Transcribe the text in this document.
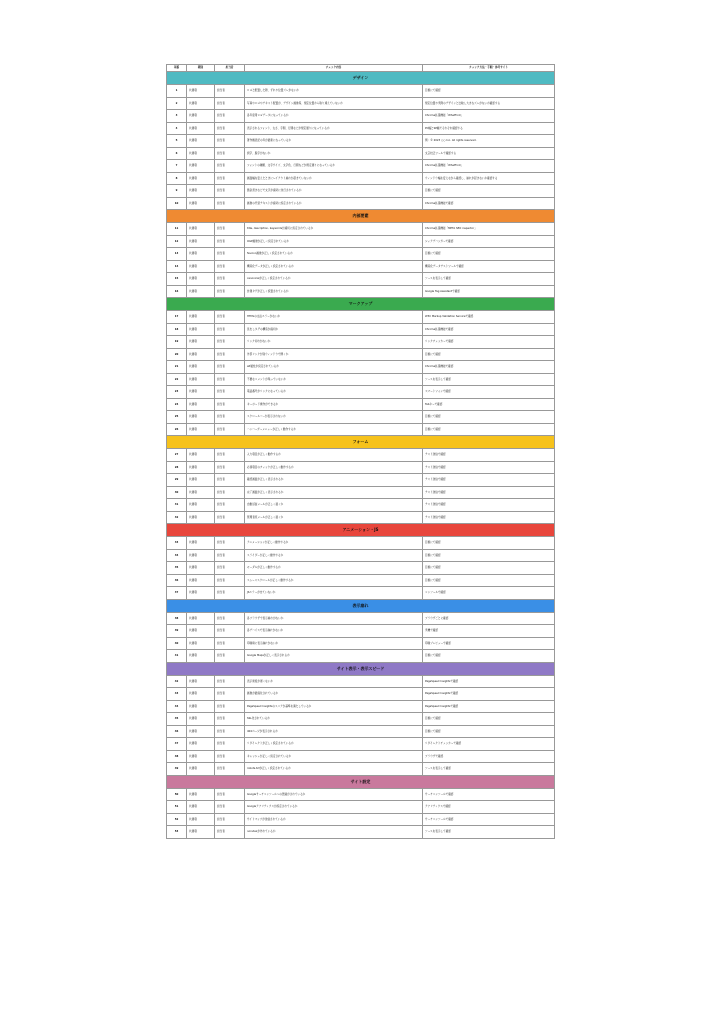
項番	種別	担当者	チェック内容	チェック方法・手順・参考サイト
デザイン				
1	共通項	担当者	ロゴと配置した際、ずれや位置ズレがないか	目視にて確認
2	共通項	担当者	写真やロゴやテキスト配置が、デザイン画像等、規定位置から取り違えていないか	規定位置や実際のデザインと比較し大きなズレがないか確認する
3	共通項	担当者	各年度用ロゴデータになっているか	Chrome拡張機能「WhatFont」
4	共通項	担当者	表示されるフォント、太さ、字間、行間などが規定通りになっているか	PC幅とSP幅でそれぞれ確認する
5	共通項	担当者	著作権表記の年が最新になっているか	例：© 2023 ○○ Inc. All rights reserved.
6	共通項	担当者	誤字、脱字がないか	文章校正ツールで確認する
7	共通項	担当者	フォントの種類、文字サイズ、文字色、行間などが規定通りになっているか	Chrome拡張機能「WhatFont」
8	共通項	担当者	画面幅を変えたときにレイアウト崩れが起きていないか	ウィンドウ幅を変えながら確認し、崩れが起きないか確認する
9	共通項	担当者	箇条書きなどで文字が適切に改行されているか	目視にて確認
10	共通項	担当者	画像の代替テキストが適切に設定されているか	Chrome拡張機能で確認
内部要素				
11	共通項	担当者	title, description, keywordsが適切に設定されているか	Chrome拡張機能「META SEO inspector」
12	共通項	担当者	OGP画像が正しく設定されているか	シェアデバッガーで確認
13	共通項	担当者	favicon画像が正しく設定されているか	目視にて確認
14	共通項	担当者	構造化データが正しく設定されているか	構造化データテストツールで確認
15	共通項	担当者	canonicalが正しく設定されているか	ソースを表示して確認
16	共通項	担当者	計測タグが正しく設置されているか	Google Tag Assistantで確認
マークアップ				
17	共通項	担当者	HTMLの文法エラーがないか	W3C Markup Validation Serviceで確認
18	共通項	担当者	見出しタグの構造が適切か	Chrome拡張機能で確認
19	共通項	担当者	リンク切れがないか	リンクチェッカーで確認
20	共通項	担当者	外部リンクが別ウィンドウで開くか	目視にて確認
21	共通項	担当者	alt属性が設定されているか	Chrome拡張機能で確認
22	共通項	担当者	不要なコメントが残っていないか	ソースを表示して確認
23	共通項	担当者	電話番号がリンクになっているか	スマートフォンで確認
24	共通項	担当者	キーボード操作ができるか	Tabキーで確認
25	共通項	担当者	スクロールバーが表示されないか	目視にて確認
26	共通項	担当者	ハンバーガーメニューが正しく動作するか	目視にて確認
フォーム				
27	共通項	担当者	入力項目が正しく動作するか	テスト送信で確認
28	共通項	担当者	必須項目のチェックが正しく動作するか	テスト送信で確認
29	共通項	担当者	確認画面が正しく表示されるか	テスト送信で確認
30	共通項	担当者	完了画面が正しく表示されるか	テスト送信で確認
31	共通項	担当者	自動返信メールが正しく届くか	テスト送信で確認
32	共通項	担当者	管理者宛メールが正しく届くか	テスト送信で確認
アニメーション・JS				
33	共通項	担当者	アニメーションが正しく動作するか	目視にて確認
34	共通項	担当者	スライダーが正しく動作するか	目視にて確認
35	共通項	担当者	モーダルが正しく動作するか	目視にて確認
36	共通項	担当者	スムーススクロールが正しく動作するか	目視にて確認
37	共通項	担当者	JSエラーが出ていないか	コンソールで確認
表示崩れ				
38	共通項	担当者	各ブラウザで表示崩れがないか	ブラウザごとに確認
39	共通項	担当者	各デバイスで表示崩れがないか	実機で確認
40	共通項	担当者	印刷時に表示崩れがないか	印刷プレビューで確認
41	共通項	担当者	Google Mapsが正しく表示されるか	目視にて確認
サイト表示・表示スピード				
42	共通項	担当者	表示速度が遅くないか	PageSpeed Insightsで確認
43	共通項	担当者	画像が最適化されているか	PageSpeed Insightsで確認
44	共通項	担当者	PageSpeed Insightsのスコアが基準を満たしているか	PageSpeed Insightsで確認
45	共通項	担当者	SSL化されているか	目視にて確認
46	共通項	担当者	404ページが表示されるか	目視にて確認
47	共通項	担当者	リダイレクトが正しく設定されているか	リダイレクトチェッカーで確認
48	共通項	担当者	キャッシュが正しく設定されているか	ブラウザで確認
49	共通項	担当者	robots.txtが正しく設定されているか	ソースを表示して確認
サイト設定				
50	共通項	担当者	Googleサーチコンソールへの登録がされているか	サーチコンソールで確認
51	共通項	担当者	Googleアナリティクスが設定されているか	アナリティクスで確認
52	共通項	担当者	サイトマップが送信されているか	サーチコンソールで確認
53	共通項	担当者	noindexが外れているか	ソースを表示して確認
